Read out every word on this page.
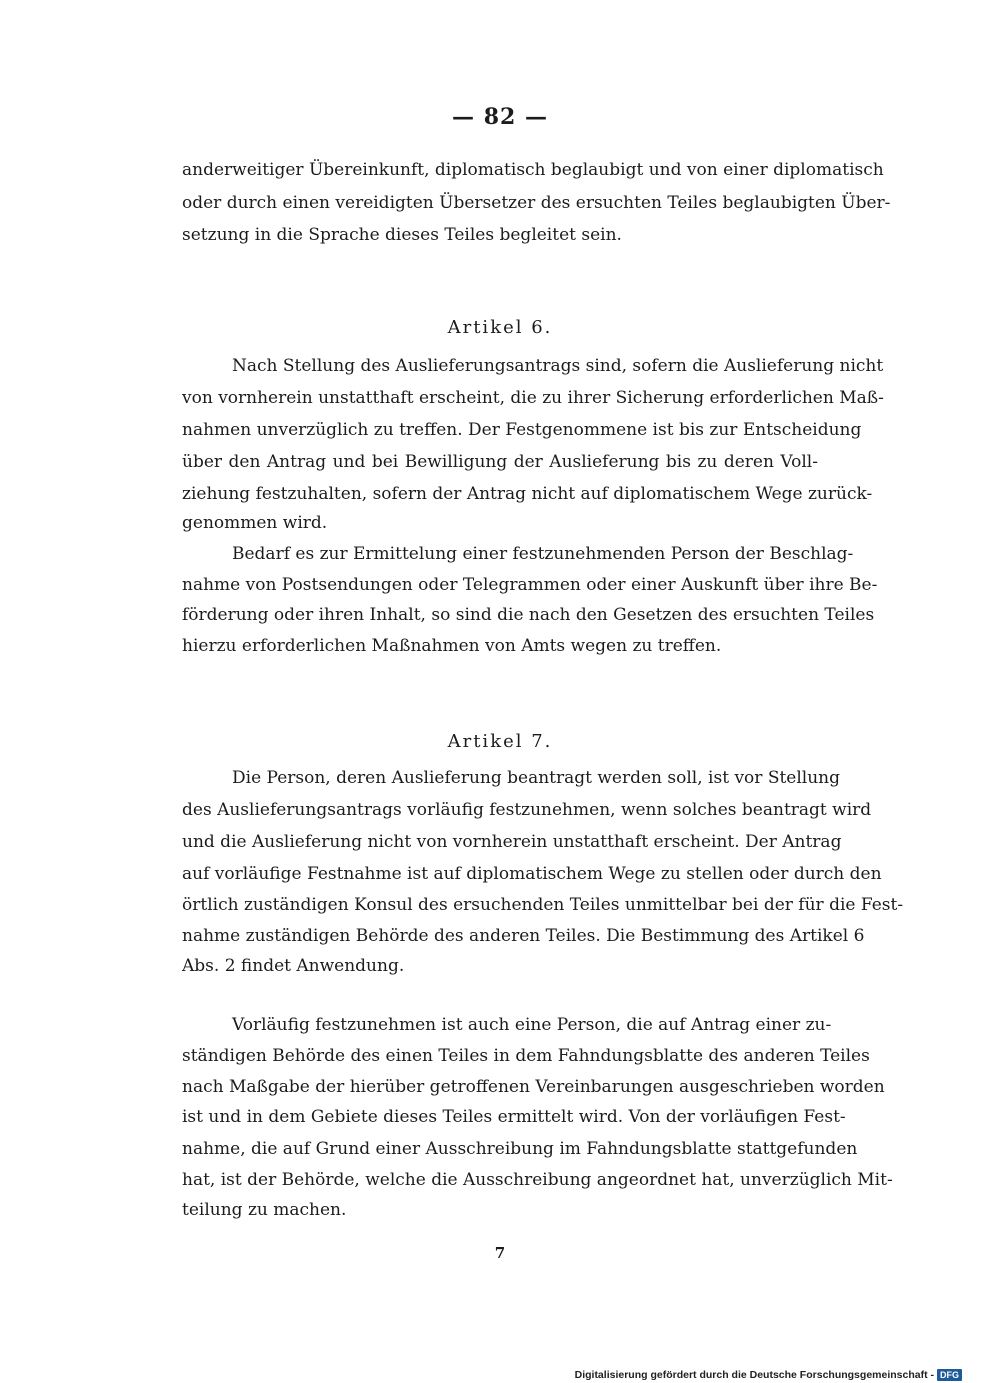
— 82 —
anderweitiger Übereinkunft, diplomatisch beglaubigt und von einer diplomatisch
oder durch einen vereidigten Übersetzer des ersuchten Teiles beglaubigten Über-
setzung in die Sprache dieses Teiles begleitet sein.
Artikel 6.
Nach Stellung des Auslieferungsantrags sind, sofern die Auslieferung nicht
von vornherein unstatthaft erscheint, die zu ihrer Sicherung erforderlichen Maß-
nahmen unverzüglich zu treffen. Der Festgenommene ist bis zur Entscheidung
über den Antrag und bei Bewilligung der Auslieferung bis zu deren Voll-
ziehung festzuhalten, sofern der Antrag nicht auf diplomatischem Wege zurück-
genommen wird.
Bedarf es zur Ermittelung einer festzunehmenden Person der Beschlag-
nahme von Postsendungen oder Telegrammen oder einer Auskunft über ihre Be-
förderung oder ihren Inhalt, so sind die nach den Gesetzen des ersuchten Teiles
hierzu erforderlichen Maßnahmen von Amts wegen zu treffen.
Artikel 7.
Die Person, deren Auslieferung beantragt werden soll, ist vor Stellung
des Auslieferungsantrags vorläufig festzunehmen, wenn solches beantragt wird
und die Auslieferung nicht von vornherein unstatthaft erscheint. Der Antrag
auf vorläufige Festnahme ist auf diplomatischem Wege zu stellen oder durch den
örtlich zuständigen Konsul des ersuchenden Teiles unmittelbar bei der für die Fest-
nahme zuständigen Behörde des anderen Teiles. Die Bestimmung des Artikel 6
Abs. 2 findet Anwendung.
Vorläufig festzunehmen ist auch eine Person, die auf Antrag einer zu-
ständigen Behörde des einen Teiles in dem Fahndungsblatte des anderen Teiles
nach Maßgabe der hierüber getroffenen Vereinbarungen ausgeschrieben worden
ist und in dem Gebiete dieses Teiles ermittelt wird. Von der vorläufigen Fest-
nahme, die auf Grund einer Ausschreibung im Fahndungsblatte stattgefunden
hat, ist der Behörde, welche die Ausschreibung angeordnet hat, unverzüglich Mit-
teilung zu machen.
7
Digitalisierung gefördert durch die Deutsche Forschungsgemeinschaft - DFG
